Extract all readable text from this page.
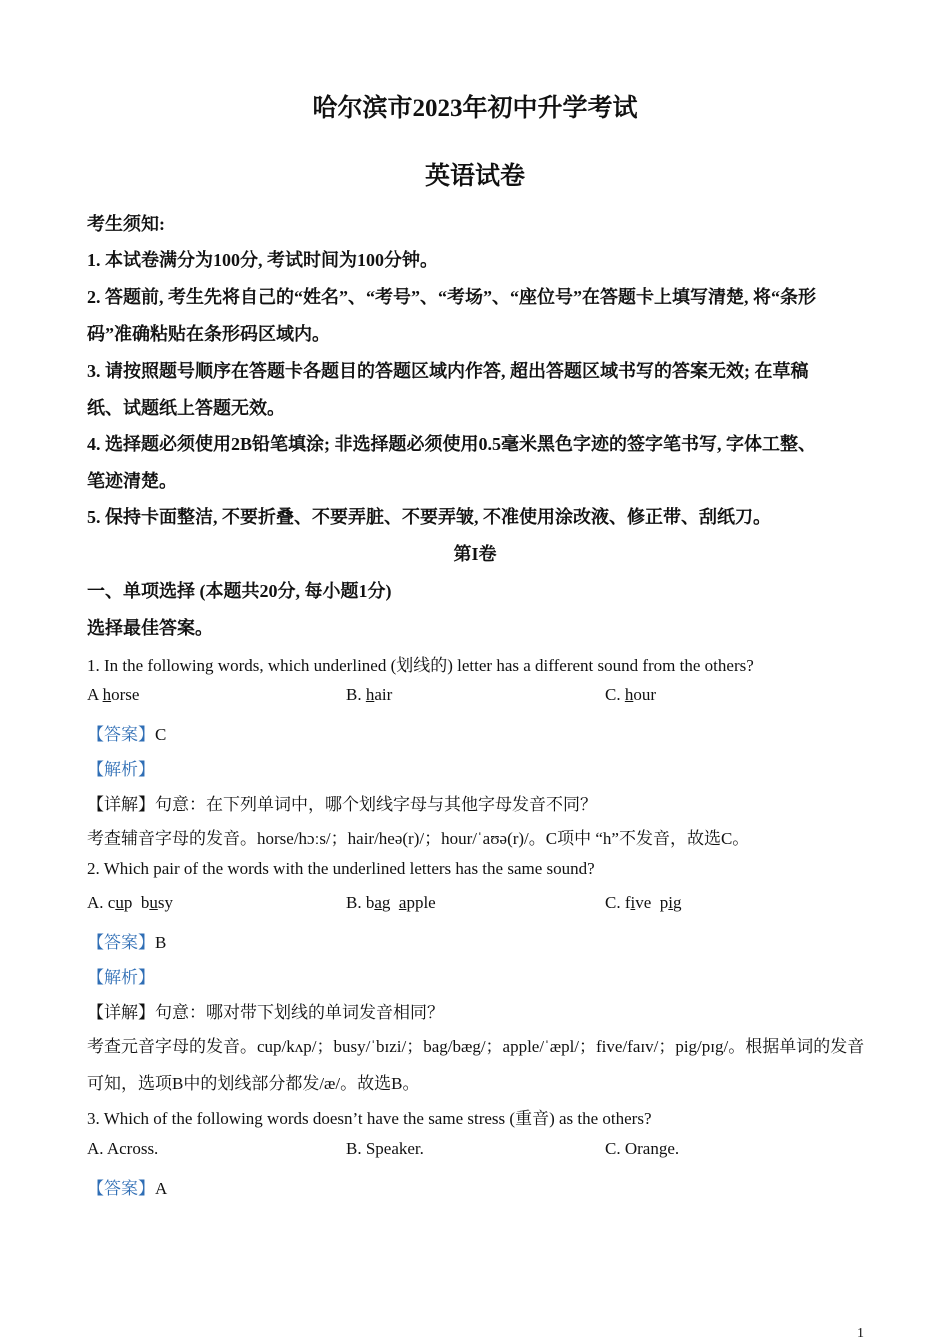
哈尔滨市2023年初中升学考试
英语试卷
考生须知:
1. 本试卷满分为100分, 考试时间为100分钟。
2. 答题前, 考生先将自己的“姓名”、“考号”、“考场”、“座位号”在答题卡上填写清楚, 将“条形
码”准确粘贴在条形码区域内。
3. 请按照题号顺序在答题卡各题目的答题区域内作答, 超出答题区域书写的答案无效; 在草稿
纸、试题纸上答题无效。
4. 选择题必须使用2B铅笔填涂; 非选择题必须使用0.5毫米黑色字迹的签字笔书写, 字体工整、
笔迹清楚。
5. 保持卡面整洁, 不要折叠、不要弄脏、不要弄皱, 不准使用涂改液、修正带、刮纸刀。
第I卷
一、单项选择 (本题共20分, 每小题1分)
选择最佳答案。
1. In the following words, which underlined (划线的) letter has a different sound from the others?
A horse	B. hair	C. hour
【答案】C
【解析】
【详解】句意：在下列单词中，哪个划线字母与其他字母发音不同？
考查辅音字母的发音。horse/hɔːs/；hair/heə(r)/；hour/ˈaʊə(r)/。C项中 “h”不发音，故选C。
2. Which pair of the words with the underlined letters has the same sound?
A. cup  busy	B. bag  apple	C. five  pig
【答案】B
【解析】
【详解】句意：哪对带下划线的单词发音相同？
考查元音字母的发音。cup/kʌp/；busy/ˈbɪzi/；bag/bæg/；apple/ˈæpl/；five/faɪv/；pig/pɪg/。根据单词的发音
可知，选项B中的划线部分都发/æ/。故选B。
3. Which of the following words doesn’t have the same stress (重音) as the others?
A. Across.	B. Speaker.	C. Orange.
【答案】A
1
